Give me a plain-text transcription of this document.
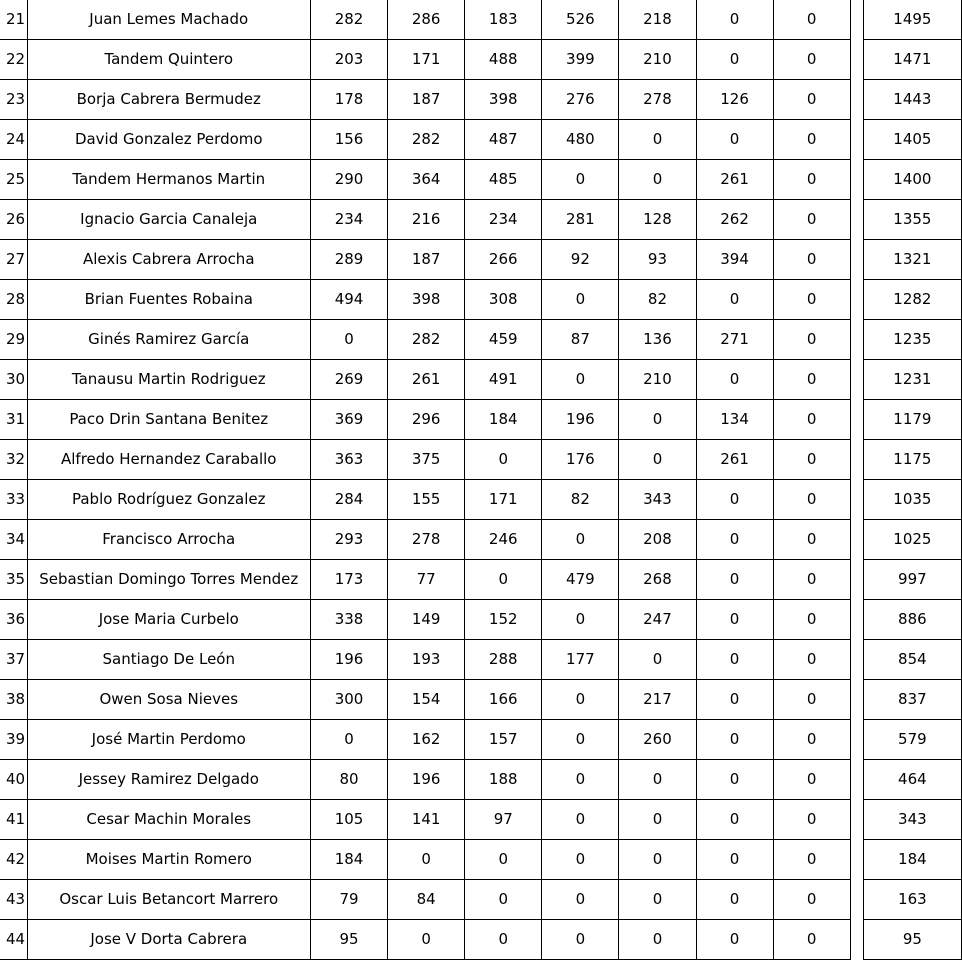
21	Juan Lemes Machado	282	286	183	526	218	0	0		1495
22	Tandem Quintero	203	171	488	399	210	0	0		1471
23	Borja Cabrera Bermudez	178	187	398	276	278	126	0		1443
24	David Gonzalez Perdomo	156	282	487	480	0	0	0		1405
25	Tandem Hermanos Martin	290	364	485	0	0	261	0		1400
26	Ignacio Garcia Canaleja	234	216	234	281	128	262	0		1355
27	Alexis Cabrera Arrocha	289	187	266	92	93	394	0		1321
28	Brian Fuentes Robaina	494	398	308	0	82	0	0		1282
29	Ginés Ramirez García	0	282	459	87	136	271	0		1235
30	Tanausu Martin Rodriguez	269	261	491	0	210	0	0		1231
31	Paco Drin Santana Benitez	369	296	184	196	0	134	0		1179
32	Alfredo Hernandez Caraballo	363	375	0	176	0	261	0		1175
33	Pablo Rodríguez Gonzalez	284	155	171	82	343	0	0		1035
34	Francisco Arrocha	293	278	246	0	208	0	0		1025
35	Sebastian Domingo Torres Mendez	173	77	0	479	268	0	0		997
36	Jose Maria Curbelo	338	149	152	0	247	0	0		886
37	Santiago De León	196	193	288	177	0	0	0		854
38	Owen Sosa Nieves	300	154	166	0	217	0	0		837
39	José Martin Perdomo	0	162	157	0	260	0	0		579
40	Jessey Ramirez Delgado	80	196	188	0	0	0	0		464
41	Cesar Machin Morales	105	141	97	0	0	0	0		343
42	Moises Martin Romero	184	0	0	0	0	0	0		184
43	Oscar Luis Betancort Marrero	79	84	0	0	0	0	0		163
44	Jose V Dorta Cabrera	95	0	0	0	0	0	0		95
